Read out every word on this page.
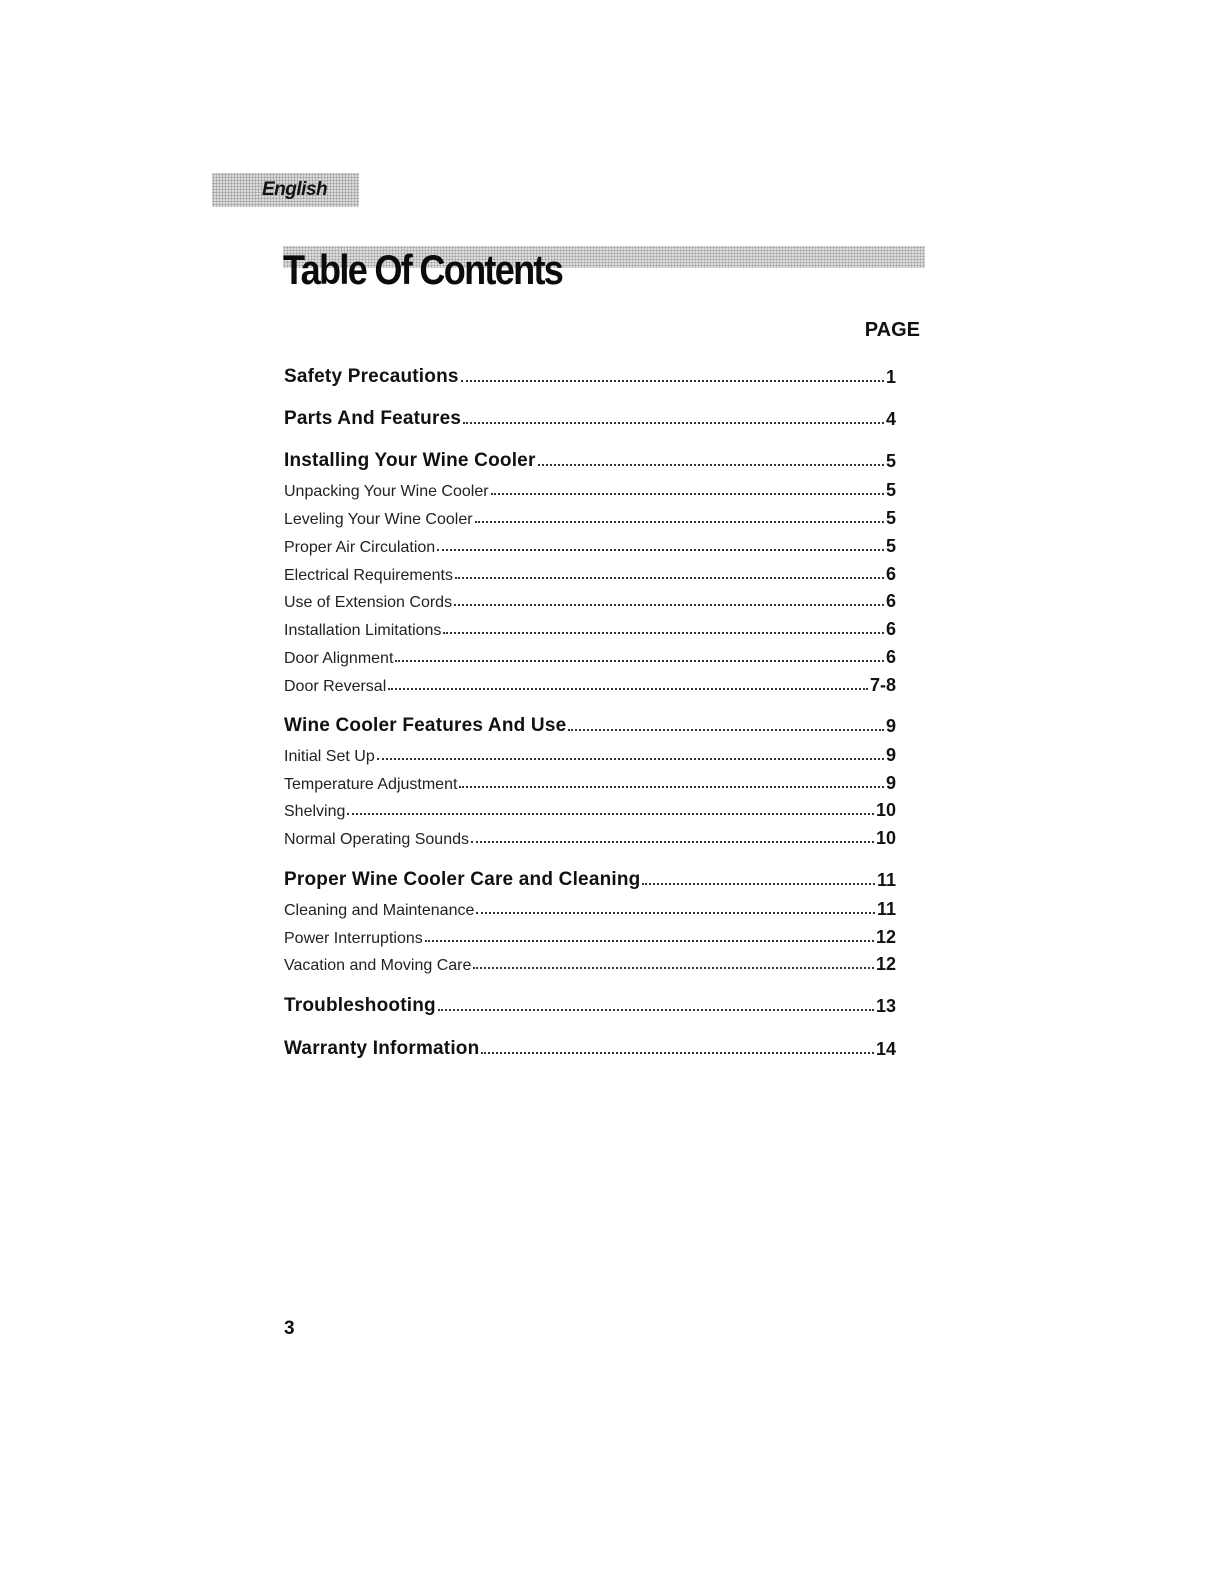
English
Table Of Contents
PAGE
Safety Precautions	1
Parts And Features	4
Installing Your Wine Cooler	5
Unpacking Your Wine Cooler	5
Leveling Your Wine Cooler	5
Proper Air Circulation	5
Electrical Requirements	6
Use of Extension Cords	6
Installation Limitations	6
Door Alignment	6
Door Reversal	7-8
Wine Cooler Features And Use	9
Initial Set Up	9
Temperature Adjustment	9
Shelving	10
Normal Operating Sounds	10
Proper Wine Cooler Care and Cleaning	11
Cleaning and Maintenance	11
Power Interruptions	12
Vacation and Moving Care	12
Troubleshooting	13
Warranty Information	14
3
